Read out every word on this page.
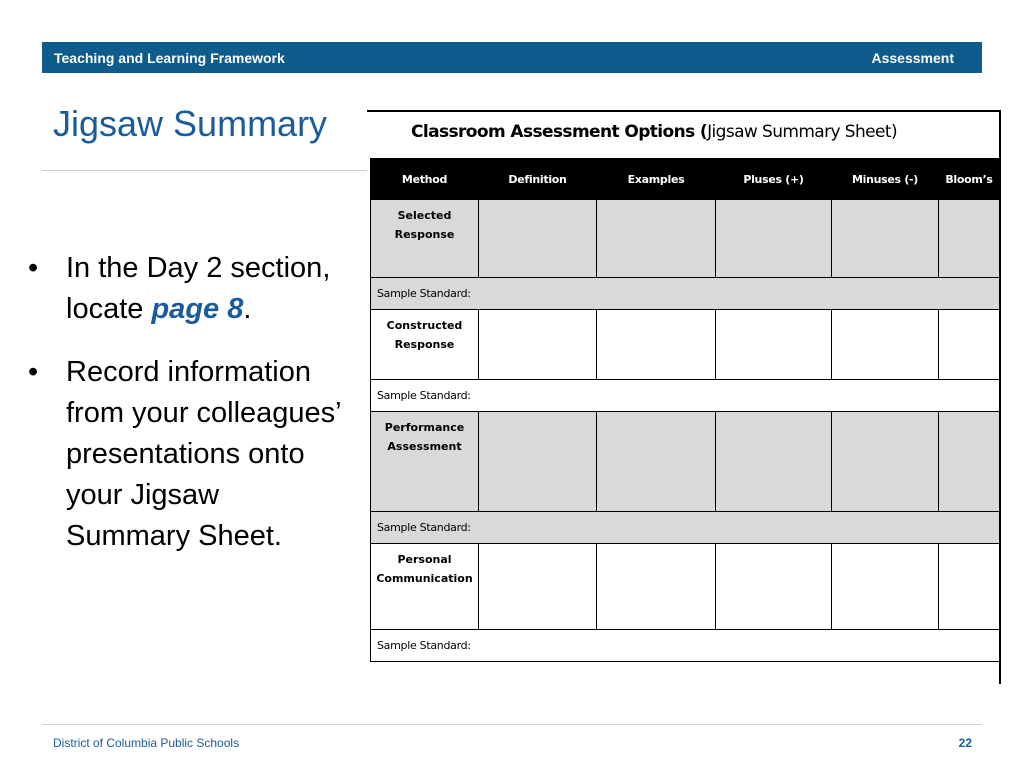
Teaching and Learning Framework	Assessment
Jigsaw Summary
• In the Day 2 section, locate page 8.
• Record information from your colleagues’ presentations onto your Jigsaw Summary Sheet.
Classroom Assessment Options (Jigsaw Summary Sheet)
Method	Definition	Examples	Pluses (+)	Minuses (-)	Bloom’s

Selected
Response					

Sample Standard:					

Constructed
Response					

Sample Standard:					

Performance
Assessment					

Sample Standard:					

Personal
Communication					

Sample Standard:					
District of Columbia Public Schools	22
